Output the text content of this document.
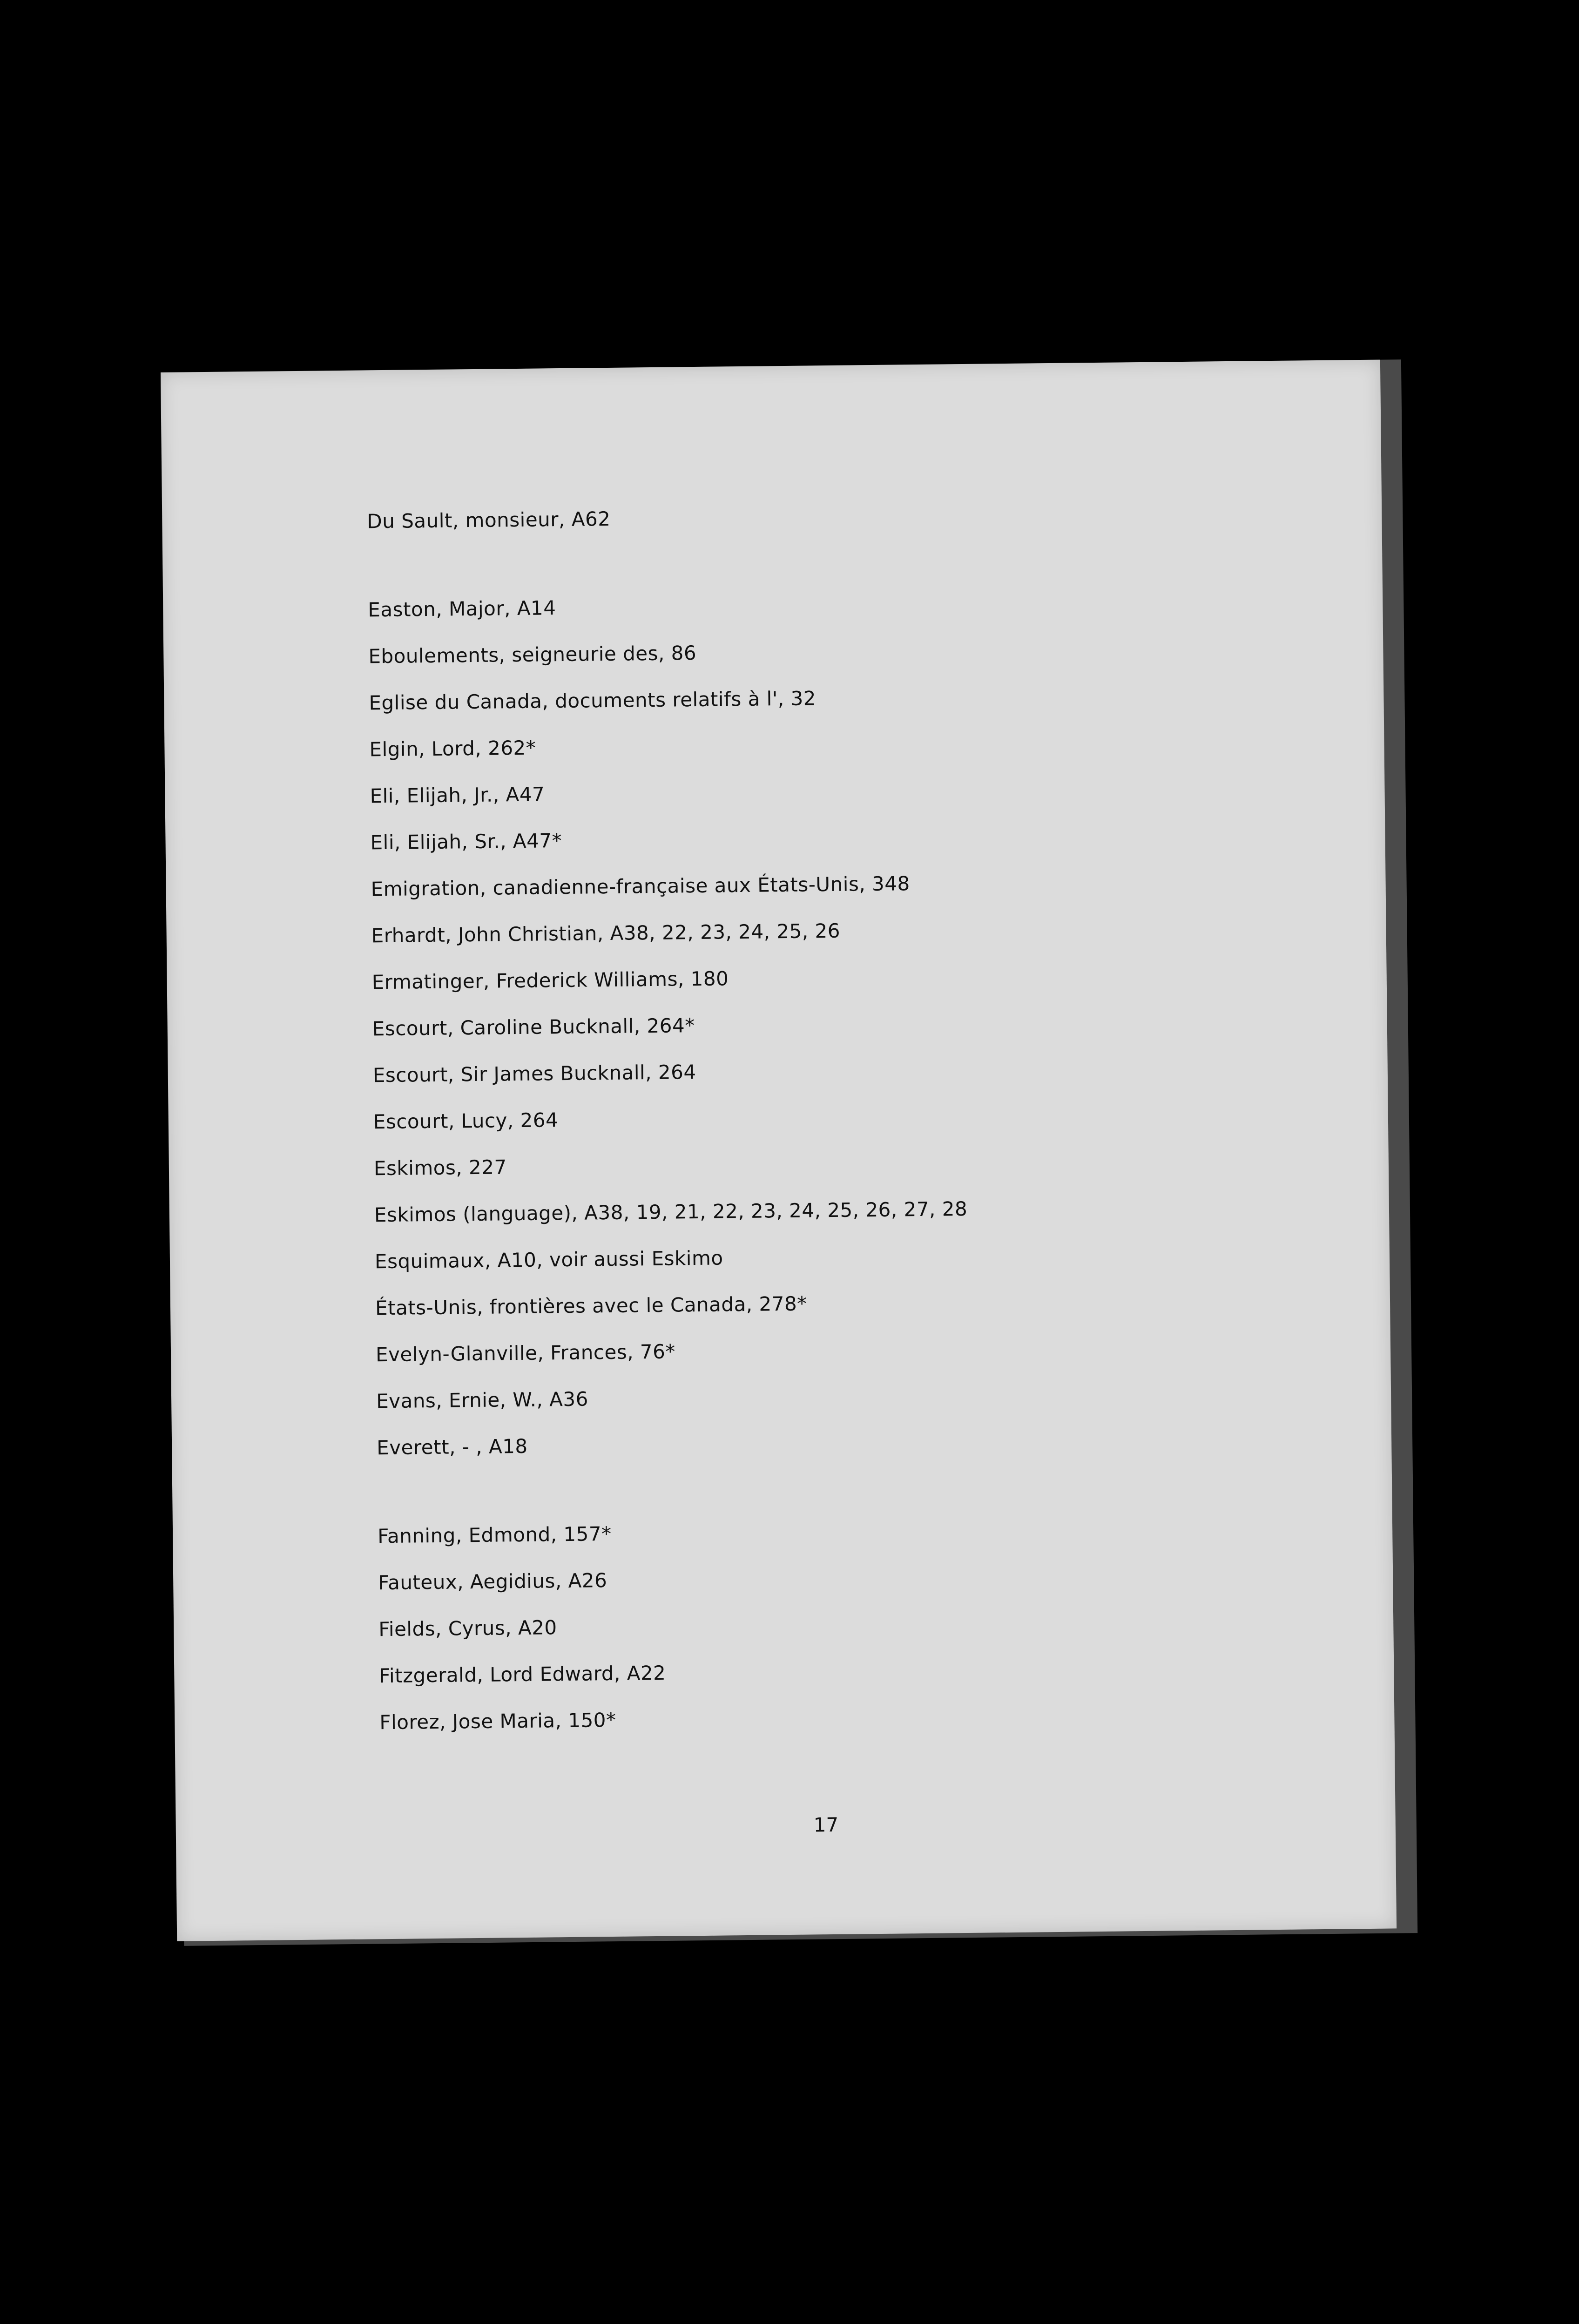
Du Sault, monsieur, A62

Easton, Major, A14

Eboulements, seigneurie des, 86

Eglise du Canada, documents relatifs à l', 32

Elgin, Lord, 262*

Eli, Elijah, Jr., A47

Eli, Elijah, Sr., A47*

Emigration, canadienne-française aux États-Unis, 348

Erhardt, John Christian, A38, 22, 23, 24, 25, 26

Ermatinger, Frederick Williams, 180

Escourt, Caroline Bucknall, 264*

Escourt, Sir James Bucknall, 264

Escourt, Lucy, 264

Eskimos, 227

Eskimos (language), A38, 19, 21, 22, 23, 24, 25, 26, 27, 28

Esquimaux, A10, voir aussi Eskimo

États-Unis, frontières avec le Canada, 278*

Evelyn-Glanville, Frances, 76*

Evans, Ernie, W., A36

Everett, - , A18

Fanning, Edmond, 157*

Fauteux, Aegidius, A26

Fields, Cyrus, A20

Fitzgerald, Lord Edward, A22

Florez, Jose Maria, 150*

17
